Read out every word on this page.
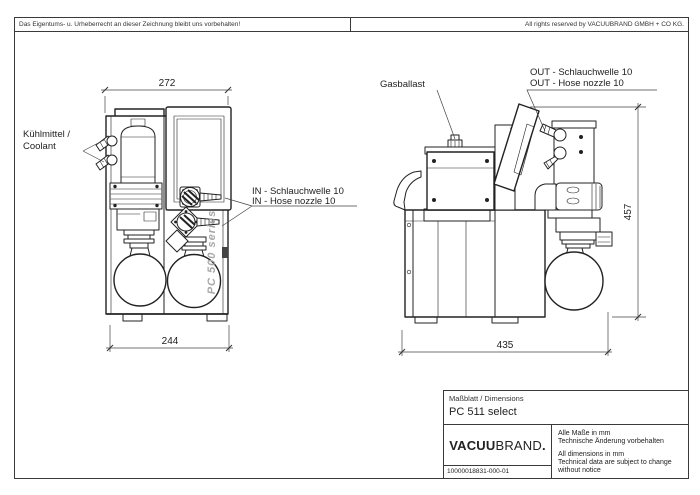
Das Eigentums- u. Urheberrecht an dieser Zeichnung bleibt uns vorbehalten!	All rights reserved by VACUUBRAND GMBH + CO KG.
PC 500 series
272
244
Kühlmittel /
Coolant
IN - Schlauchwelle 10
IN - Hose nozzle 10
457
435
Gasballast
OUT - Schlauchwelle 10
OUT - Hose nozzle 10
Maßblatt / Dimensions
PC 511 select
VACUU BRAND .
10000018831-000-01
Alle Maße in mm
Technische Änderung vorbehalten
All dimensions in mm
Technical data are subject to change
without notice
